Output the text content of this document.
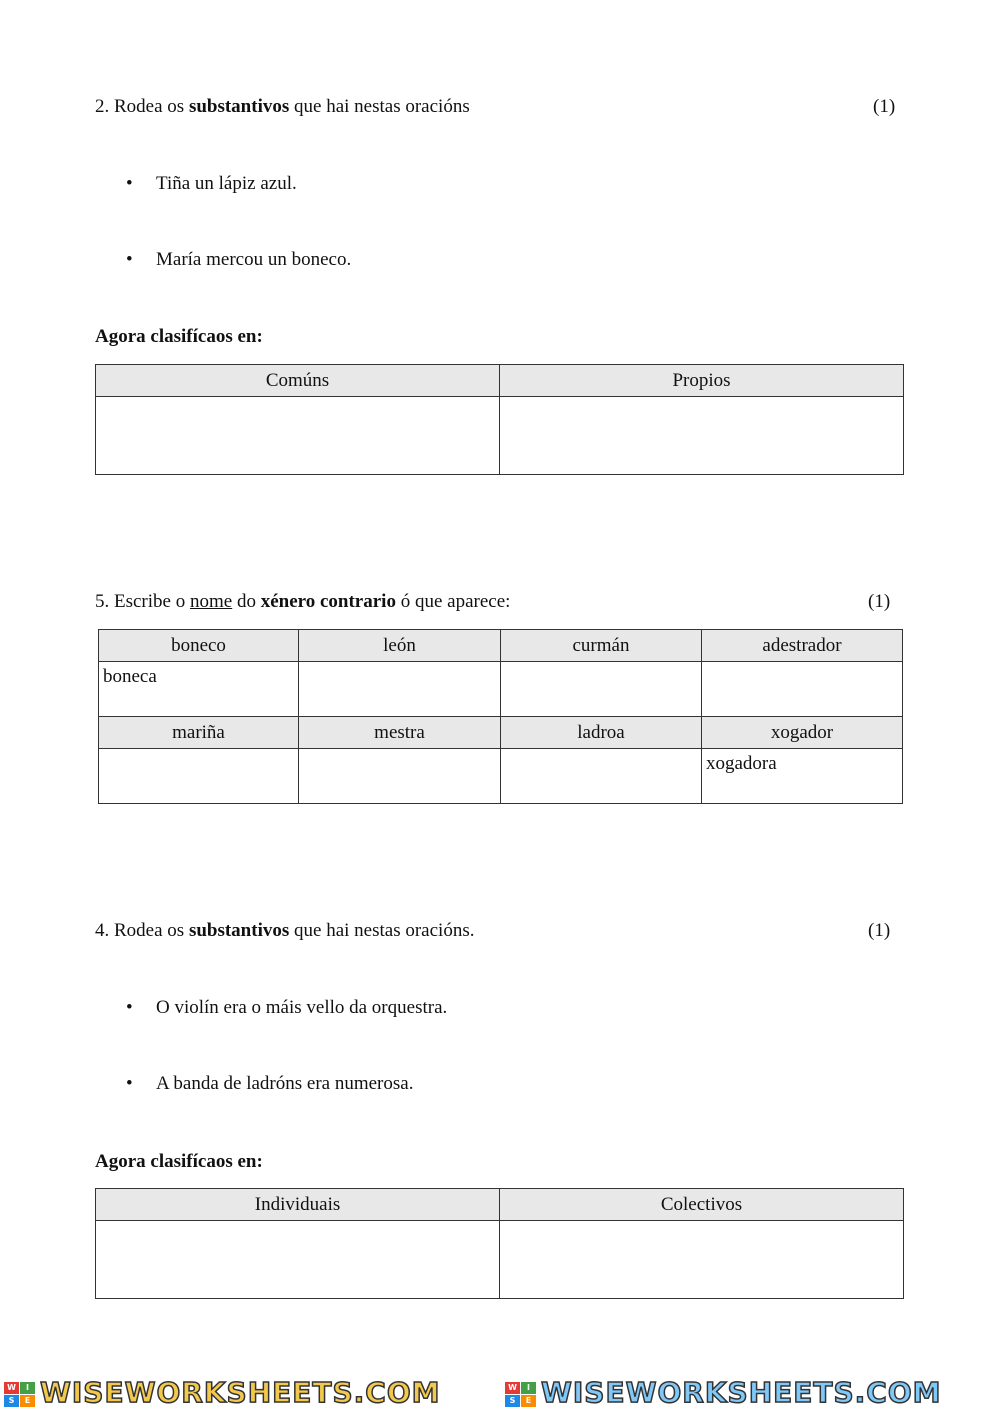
2. Rodea os substantivos que hai nestas oracións	(1)
• Tiña un lápiz azul.
• María mercou un boneco.
Agora clasifícaos en:
Comúns	Propios

5. Escribe o nome do xénero contrario ó que aparece:	(1)
boneco	león	curmán	adestrador

boneca			

mariña	mestra	ladroa	xogador

			xogadora
4. Rodea os substantivos que hai nestas oracións.	(1)
• O violín era o máis vello da orquestra.
• A banda de ladróns era numerosa.
Agora clasifícaos en:
Individuais	Colectivos

W	I
S	E WISEWORKSHEETS.COM	W	I
S	E WISEWORKSHEETS.COM
